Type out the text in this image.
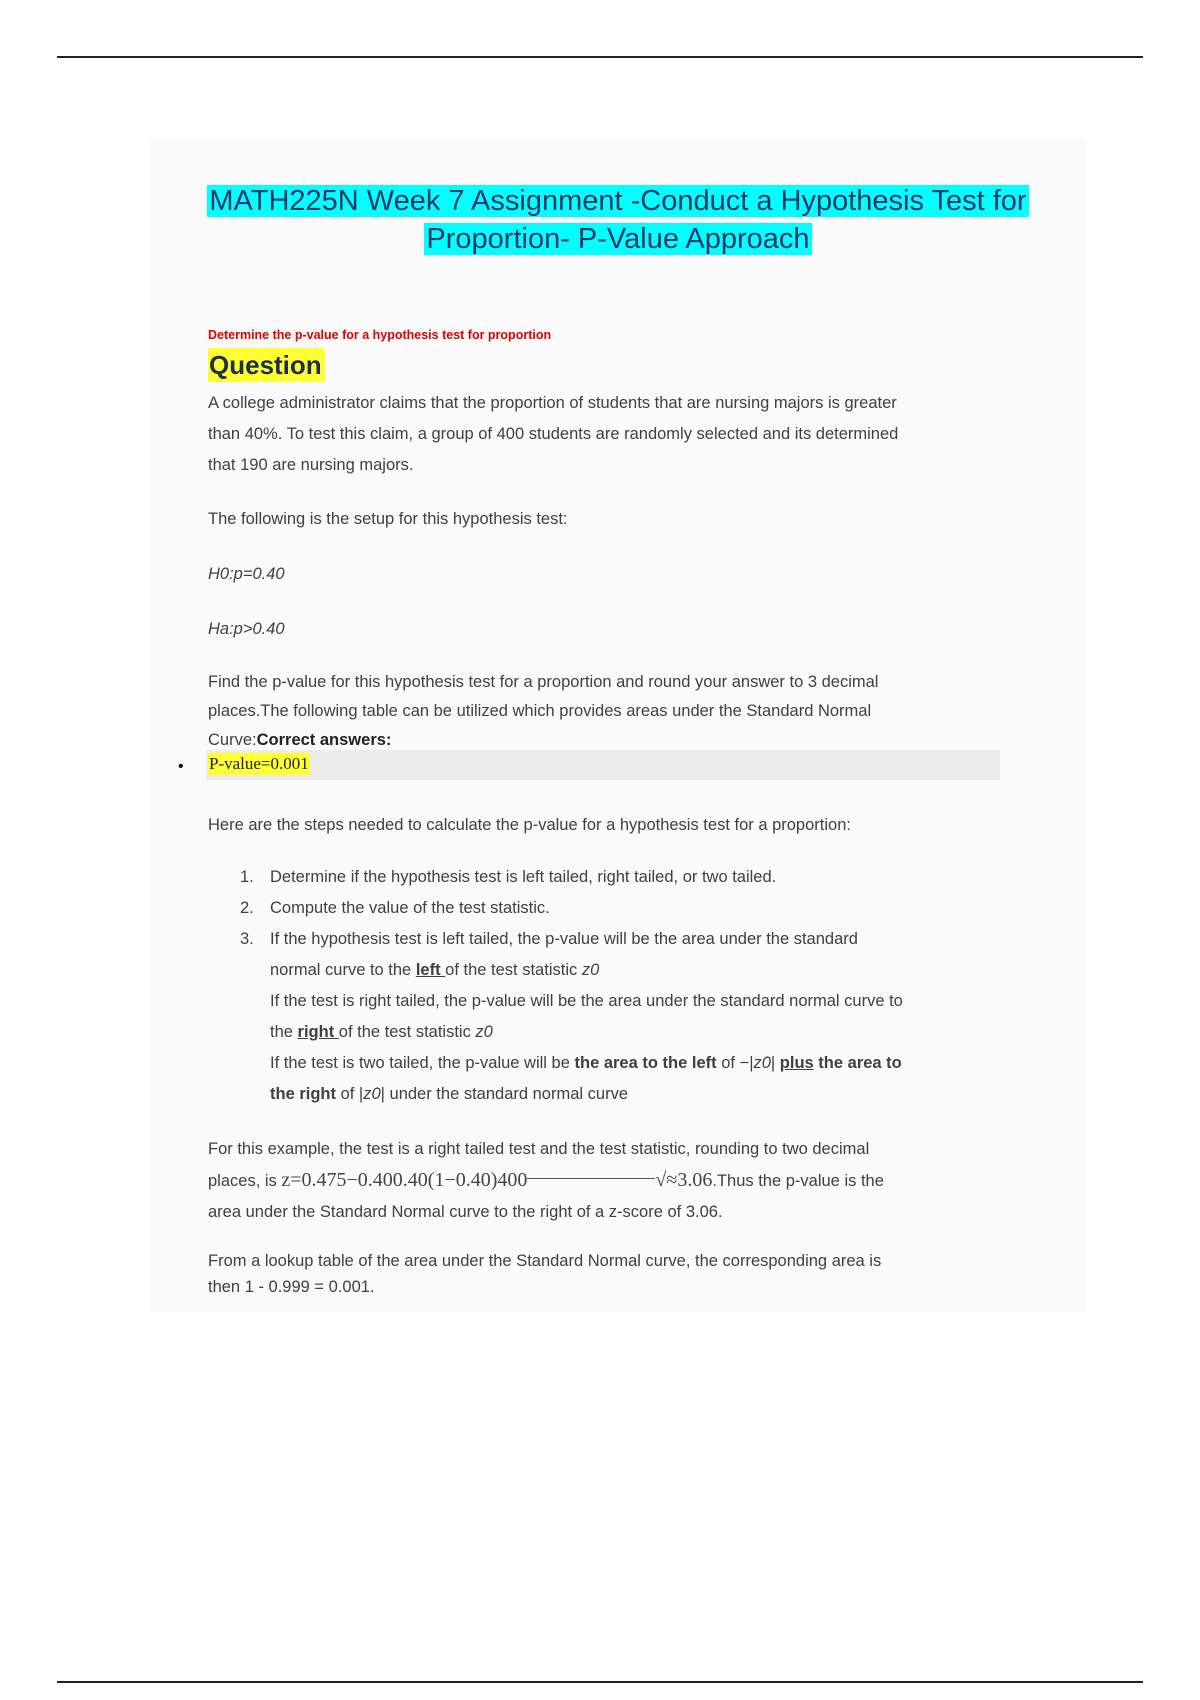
MATH225N Week 7 Assignment -Conduct a Hypothesis Test for
Proportion- P-Value Approach
Determine the p-value for a hypothesis test for proportion
Question
A college administrator claims that the proportion of students that are nursing majors is greater
than 40%. To test this claim, a group of 400 students are randomly selected and its determined
that 190 are nursing majors.
The following is the setup for this hypothesis test:
H0:p=0.40
Ha:p>0.40
Find the p-value for this hypothesis test for a proportion and round your answer to 3 decimal
places.The following table can be utilized which provides areas under the Standard Normal
Curve:Correct answers:
• P-value=0.001
Here are the steps needed to calculate the p-value for a hypothesis test for a proportion:
1. Determine if the hypothesis test is left tailed, right tailed, or two tailed.
2. Compute the value of the test statistic.
3. If the hypothesis test is left tailed, the p-value will be the area under the standard
normal curve to the left of the test statistic z0
If the test is right tailed, the p-value will be the area under the standard normal curve to
the right of the test statistic z0
If the test is two tailed, the p-value will be the area to the left of −|z0| plus the area to
the right of |z0| under the standard normal curve
For this example, the test is a right tailed test and the test statistic, rounding to two decimal
places, is z=0.475−0.400.40(1−0.40)400	√≈3.06.Thus the p-value is the
area under the Standard Normal curve to the right of a z-score of 3.06.
From a lookup table of the area under the Standard Normal curve, the corresponding area is
then 1 - 0.999 = 0.001.
